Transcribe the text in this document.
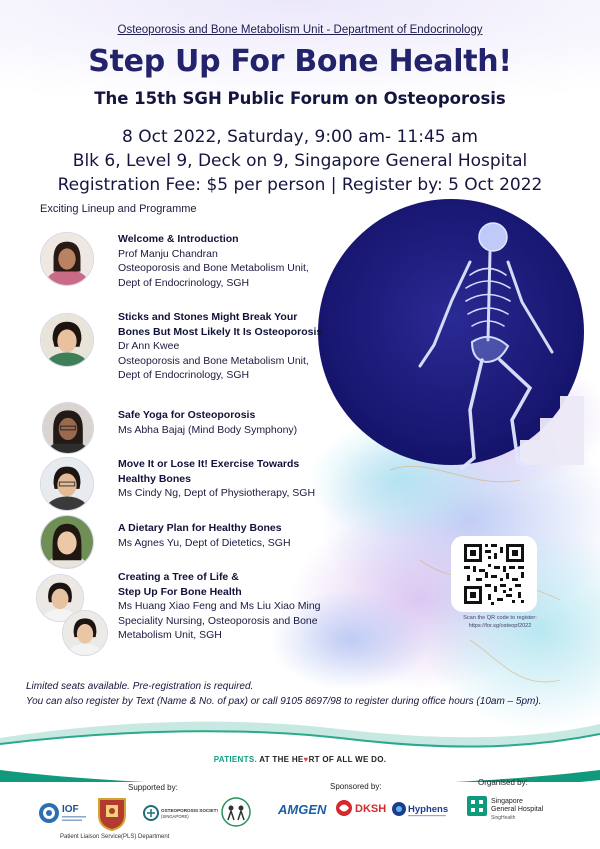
Osteoporosis and Bone Metabolism Unit - Department of Endocrinology
Step Up For Bone Health!
The 15th SGH Public Forum on Osteoporosis
8 Oct 2022, Saturday, 9:00 am- 11:45 am
Blk 6, Level 9, Deck on 9, Singapore General Hospital
Registration Fee: $5 per person | Register by: 5 Oct 2022
Exciting Lineup and Programme
Welcome & Introduction
Prof Manju Chandran
Osteoporosis and Bone Metabolism Unit,
Dept of Endocrinology, SGH
Sticks and Stones Might Break Your
Bones But Most Likely It Is Osteoporosis
Dr Ann Kwee
Osteoporosis and Bone Metabolism Unit,
Dept of Endocrinology, SGH
Safe Yoga for Osteoporosis
Ms Abha Bajaj (Mind Body Symphony)
Move It or Lose It! Exercise Towards
Healthy Bones
Ms Cindy Ng, Dept of Physiotherapy, SGH
A Dietary Plan for Healthy Bones
Ms Agnes Yu, Dept of Dietetics, SGH
Creating a Tree of Life &
Step Up For Bone Health
Ms Huang Xiao Feng and Ms Liu Xiao Ming
Speciality Nursing, Osteoporosis and Bone
Metabolism Unit, SGH
Scan the QR code to register:
https://for.sg/osteopf2022
Limited seats available. Pre-registration is required.
You can also register by Text (Name & No. of pax) or call 9105 8697/98 to register during office hours (10am – 5pm).
PATIENTS. AT THE HE♥RT OF ALL WE DO.
Supported by:	Sponsored by:	Organised by:
IOF	OSTEOPOROSIS SOCIETY
(SINGAPORE)
Patient Liaison Service(PLS) Department
AMGEN	DKSH Hyphens
Singapore
General Hospital
SingHealth
